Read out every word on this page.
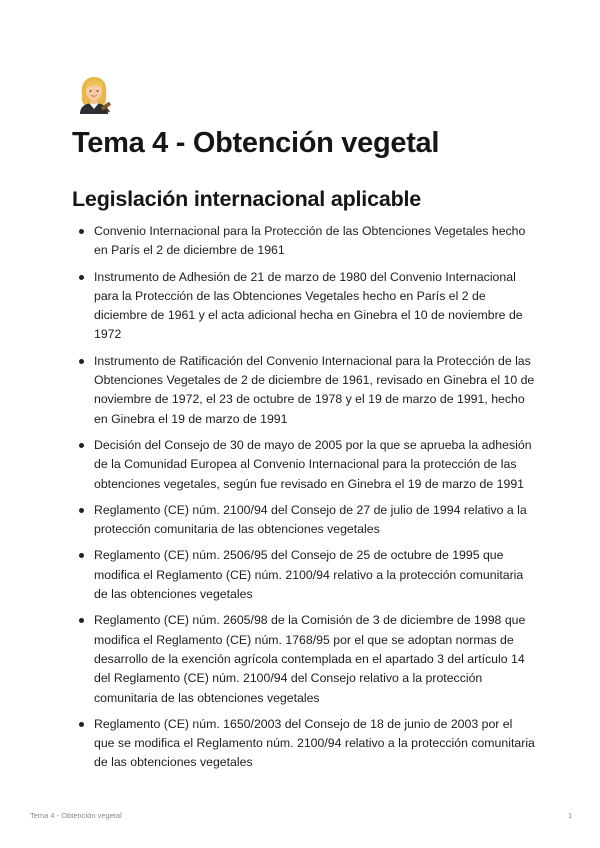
Tema 4 - Obtención vegetal
Legislación internacional aplicable
Convenio Internacional para la Protección de las Obtenciones Vegetales hecho en París el 2 de diciembre de 1961
Instrumento de Adhesión de 21 de marzo de 1980 del Convenio Internacional para la Protección de las Obtenciones Vegetales hecho en París el 2 de diciembre de 1961 y el acta adicional hecha en Ginebra el 10 de noviembre de 1972
Instrumento de Ratificación del Convenio Internacional para la Protección de las Obtenciones Vegetales de 2 de diciembre de 1961, revisado en Ginebra el 10 de noviembre de 1972, el 23 de octubre de 1978 y el 19 de marzo de 1991, hecho en Ginebra el 19 de marzo de 1991
Decisión del Consejo de 30 de mayo de 2005 por la que se aprueba la adhesión de la Comunidad Europea al Convenio Internacional para la protección de las obtenciones vegetales, según fue revisado en Ginebra el 19 de marzo de 1991
Reglamento (CE) núm. 2100/94 del Consejo de 27 de julio de 1994 relativo a la protección comunitaria de las obtenciones vegetales
Reglamento (CE) núm. 2506/95 del Consejo de 25 de octubre de 1995 que modifica el Reglamento (CE) núm. 2100/94 relativo a la protección comunitaria de las obtenciones vegetales
Reglamento (CE) núm. 2605/98 de la Comisión de 3 de diciembre de 1998 que modifica el Reglamento (CE) núm. 1768/95 por el que se adoptan normas de desarrollo de la exención agrícola contemplada en el apartado 3 del artículo 14 del Reglamento (CE) núm. 2100/94 del Consejo relativo a la protección comunitaria de las obtenciones vegetales
Reglamento (CE) núm. 1650/2003 del Consejo de 18 de junio de 2003 por el que se modifica el Reglamento núm. 2100/94 relativo a la protección comunitaria de las obtenciones vegetales
Tema 4 - Obtención vegetal	1
